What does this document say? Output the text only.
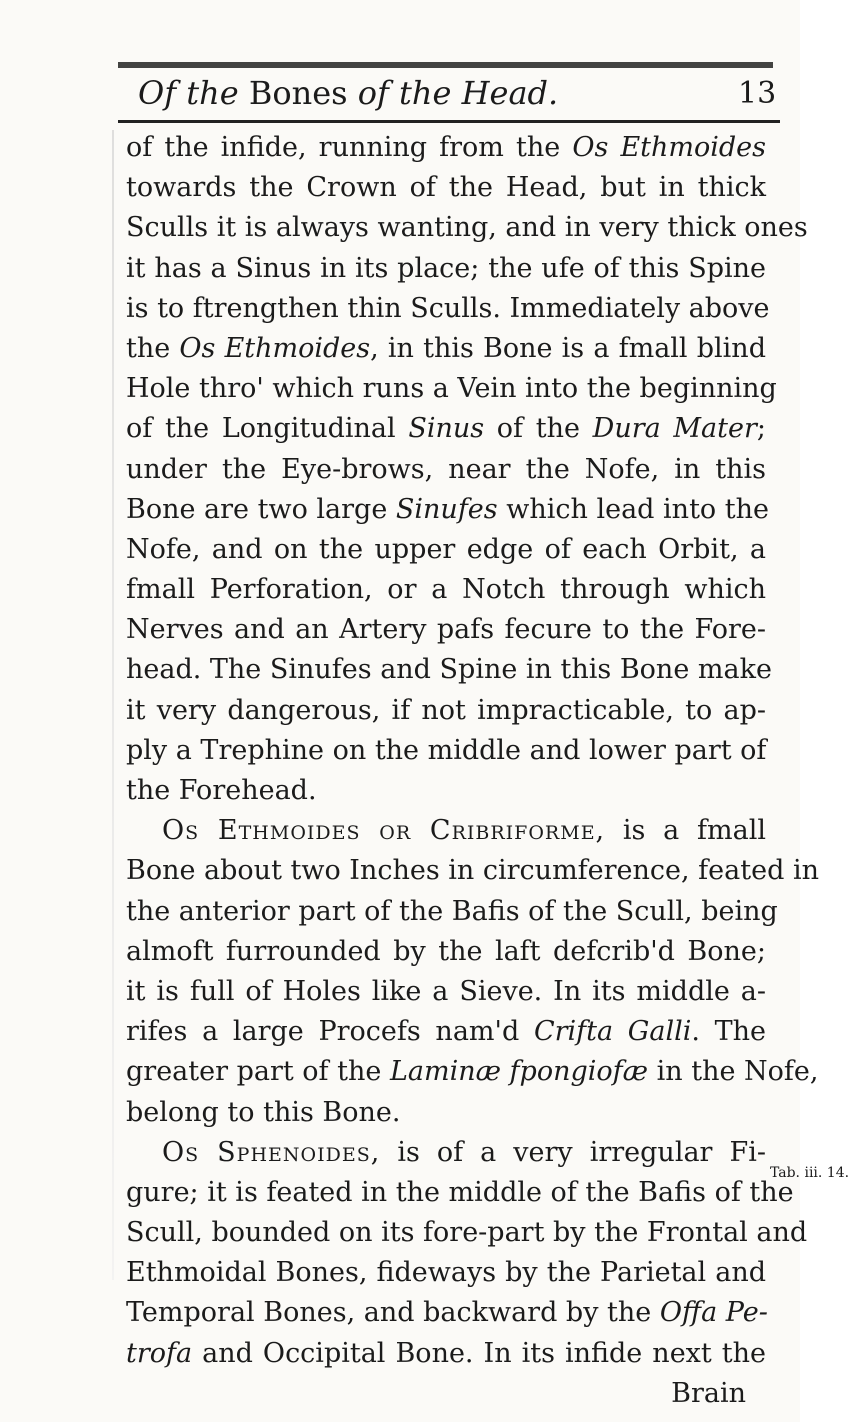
Of the Bones of the Head.	13
of the infide, running from the Os Ethmoides
towards the Crown of the Head, but in thick
Sculls it is always wanting, and in very thick ones
it has a Sinus in its place; the ufe of this Spine
is to ftrengthen thin Sculls. Immediately above
the Os Ethmoides, in this Bone is a fmall blind
Hole thro' which runs a Vein into the beginning
of the Longitudinal Sinus of the Dura Mater;
under the Eye-brows, near the Nofe, in this
Bone are two large Sinufes which lead into the
Nofe, and on the upper edge of each Orbit, a
fmall Perforation, or a Notch through which
Nerves and an Artery pafs fecure to the Fore-
head. The Sinufes and Spine in this Bone make
it very dangerous, if not impracticable, to ap-
ply a Trephine on the middle and lower part of
the Forehead.
Os Ethmoides or Cribriforme, is a fmall
Bone about two Inches in circumference, feated in
the anterior part of the Bafis of the Scull, being
almoft furrounded by the laft defcrib'd Bone;
it is full of Holes like a Sieve. In its middle a-
rifes a large Procefs nam'd Crifta Galli. The
greater part of the Laminæ fpongiofæ in the Nofe,
belong to this Bone.
Os Sphenoides, is of a very irregular Fi-
gure; it is feated in the middle of the Bafis of the
Scull, bounded on its fore-part by the Frontal and
Ethmoidal Bones, fideways by the Parietal and
Temporal Bones, and backward by the Offa Pe-
trofa and Occipital Bone. In its infide next the
Brain
Tab. iii. 14.
